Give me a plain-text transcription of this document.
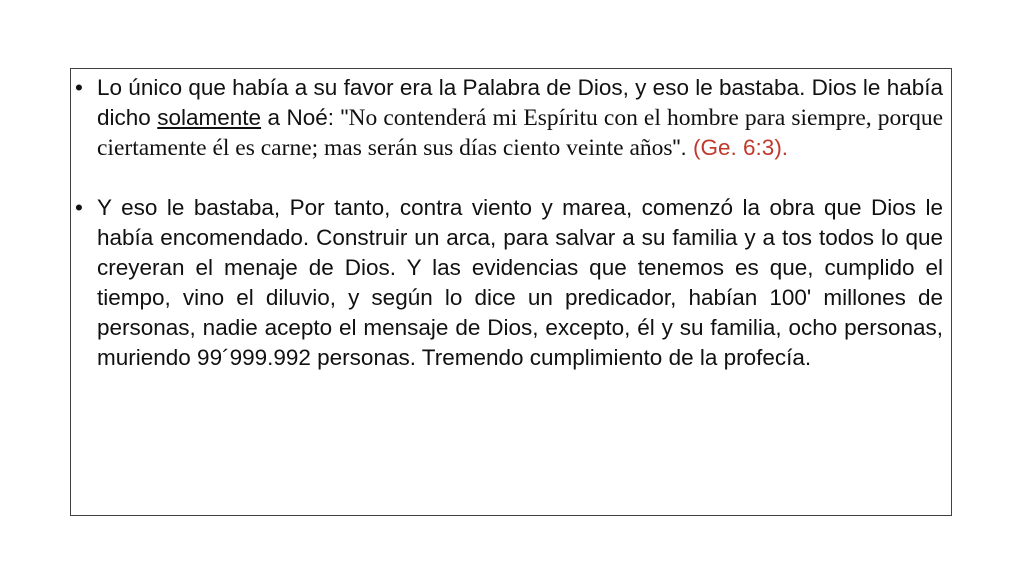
• Lo único que había a su favor era la Palabra de Dios, y eso le bastaba. Dios le había dicho solamente a Noé: "No contenderá mi Espíritu con el hombre para siempre, porque ciertamente él es carne; mas serán sus días ciento veinte años". (Ge. 6:3).
• Y eso le bastaba, Por tanto, contra viento y marea, comenzó la obra que Dios le había encomendado. Construir un arca, para salvar a su familia y a tos todos lo que creyeran el menaje de Dios. Y las evidencias que tenemos es que, cumplido el tiempo, vino el diluvio, y según lo dice un predicador, habían 100' millones de personas, nadie acepto el mensaje de Dios, excepto, él y su familia, ocho personas, muriendo 99´999.992 personas. Tremendo cumplimiento de la profecía.
